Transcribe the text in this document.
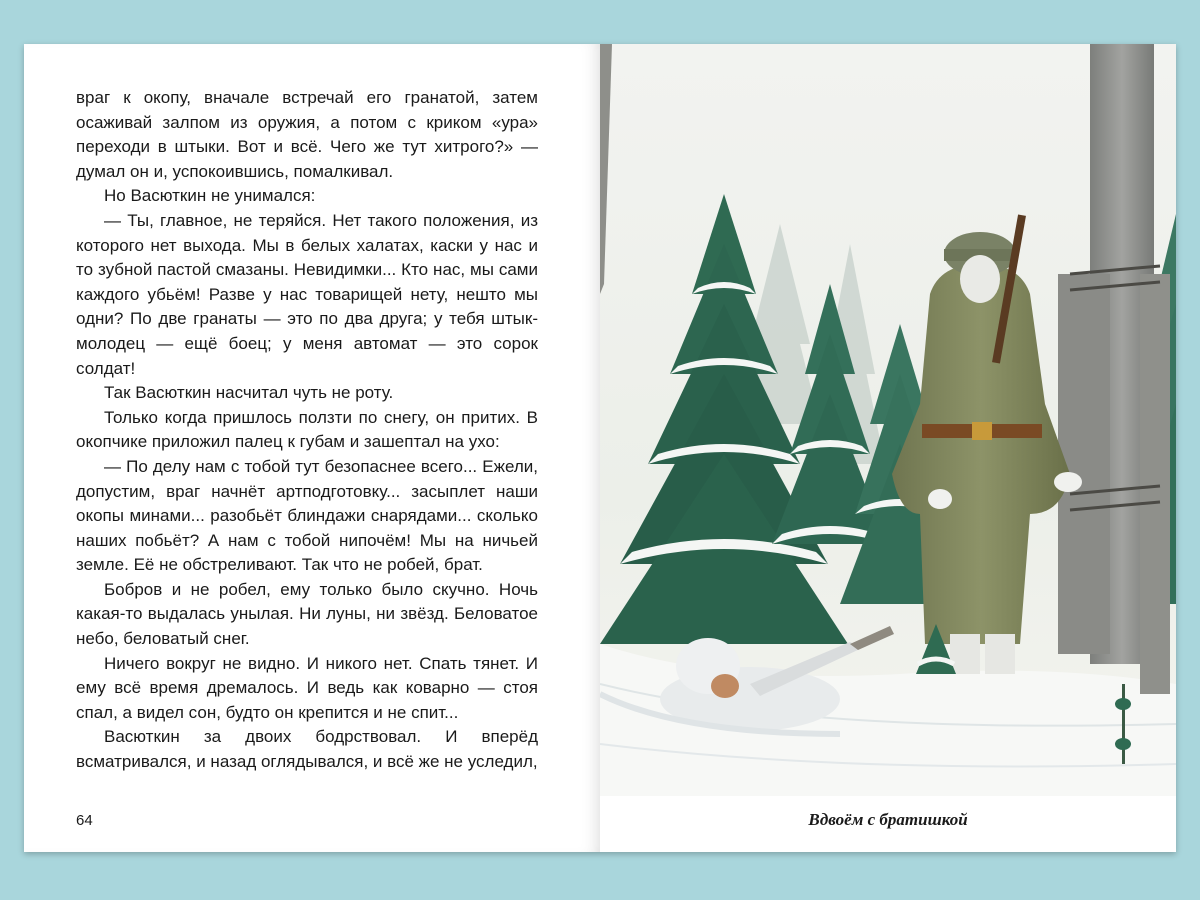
враг к окопу, вначале встречай его гранатой, затем осаживай залпом из оружия, а потом с криком «ура» переходи в штыки. Вот и всё. Чего же тут хитрого?» — думал он и, успокоившись, помалкивал.

Но Васюткин не унимался:

— Ты, главное, не теряйся. Нет такого положения, из которого нет выхода. Мы в белых халатах, каски у нас и то зубной пастой смазаны. Невидимки... Кто нас, мы сами каждого убьём! Разве у нас товарищей нету, нешто мы одни? По две гранаты — это по два друга; у тебя штык-молодец — ещё боец; у меня автомат — это сорок солдат!

Так Васюткин насчитал чуть не роту.

Только когда пришлось ползти по снегу, он притих. В окопчике приложил палец к губам и зашептал на ухо:

— По делу нам с тобой тут безопаснее всего... Ежели, допустим, враг начнёт артподготовку... засыплет наши окопы минами... разобьёт блиндажи снарядами... сколько наших побьёт? А нам с тобой нипочём! Мы на ничьей земле. Её не обстреливают. Так что не робей, брат.

Бобров и не робел, ему только было скучно. Ночь какая-то выдалась унылая. Ни луны, ни звёзд. Беловатое небо, беловатый снег.

Ничего вокруг не видно. И никого нет. Спать тянет. И ему всё время дремалось. И ведь как коварно — стоя спал, а видел сон, будто он крепится и не спит...

Васюткин за двоих бодрствовал. И вперёд всматривался, и назад оглядывался, и всё же не уследил,

64	Вдвоём с братишкой
